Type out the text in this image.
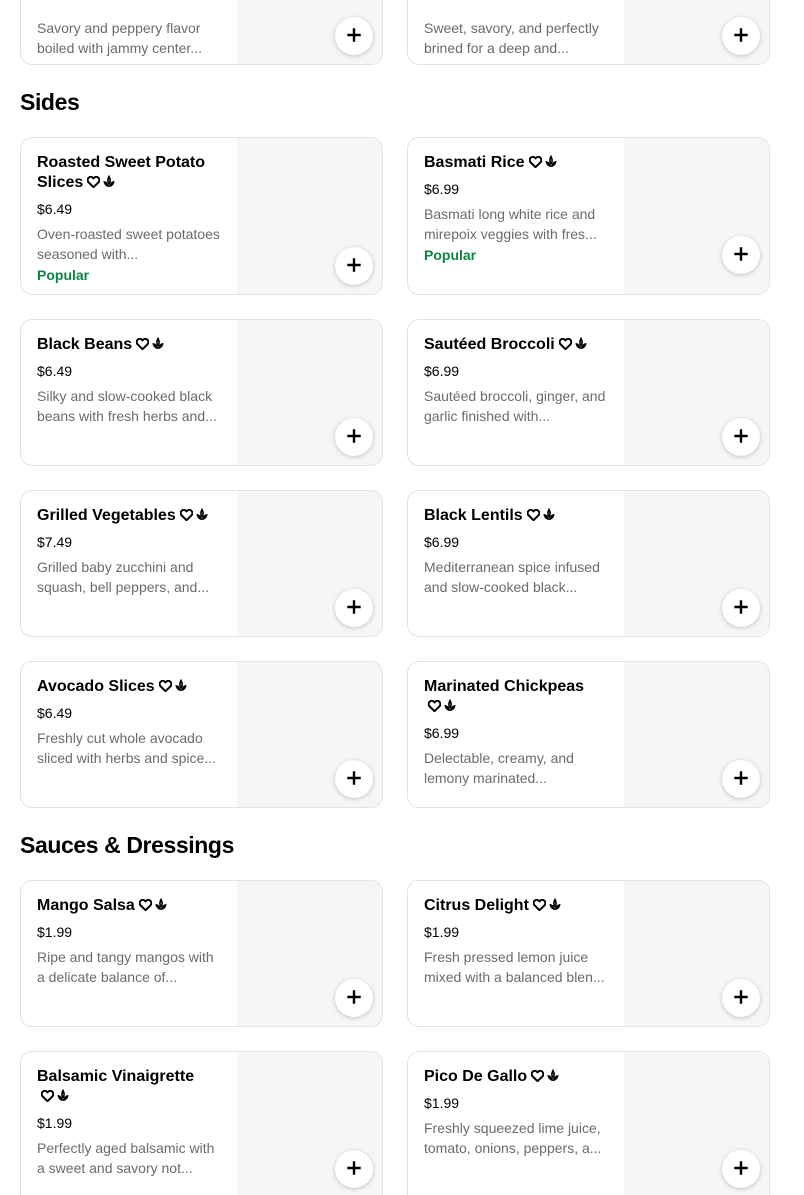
Savory and peppery flavor boiled with jammy center...
Sweet, savory, and perfectly brined for a deep and...
Sides
Roasted Sweet Potato Slices
$6.49
Oven-roasted sweet potatoes seasoned with...
Popular
Basmati Rice
$6.99
Basmati long white rice and mirepoix veggies with fres...
Popular
Black Beans
$6.49
Silky and slow-cooked black beans with fresh herbs and...
Sautéed Broccoli
$6.99
Sautéed broccoli, ginger, and garlic finished with...
Grilled Vegetables
$7.49
Grilled baby zucchini and squash, bell peppers, and...
Black Lentils
$6.99
Mediterranean spice infused and slow-cooked black...
Avocado Slices
$6.49
Freshly cut whole avocado sliced with herbs and spice...
Marinated Chickpeas
$6.99
Delectable, creamy, and lemony marinated...
Sauces & Dressings
Mango Salsa
$1.99
Ripe and tangy mangos with a delicate balance of...
Citrus Delight
$1.99
Fresh pressed lemon juice mixed with a balanced blen...
Balsamic Vinaigrette
$1.99
Perfectly aged balsamic with a sweet and savory not...
Pico De Gallo
$1.99
Freshly squeezed lime juice, tomato, onions, peppers, a...
